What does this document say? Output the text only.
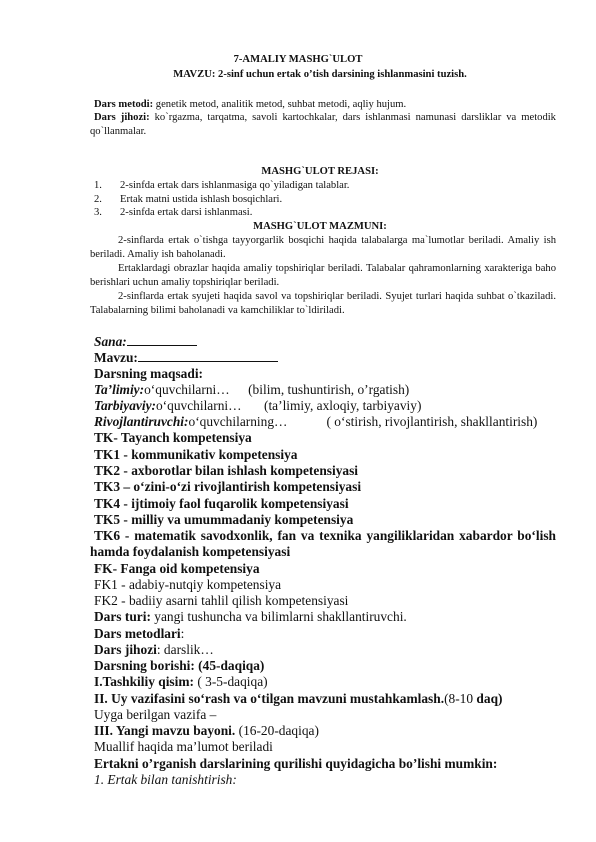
7-AMALIY MASHG`ULOT
MAVZU: 2-sinf uchun ertak o’tish darsining ishlanmasini tuzish.
Dars metodi: genetik metod, analitik metod, suhbat metodi, aqliy hujum.
Dars jihozi: ko`rgazma, tarqatma, savoli kartochkalar, dars ishlanmasi namunasi darsliklar va metodik qo`llanmalar.
MASHG`ULOT REJASI:
1.	2-sinfda ertak dars ishlanmasiga qo`yiladigan talablar.
2.	Ertak matni ustida ishlash bosqichlari.
3.	2-sinfda ertak darsi ishlanmasi.
MASHG`ULOT MAZMUNI:
2-sinflarda ertak o`tishga tayyorgarlik bosqichi haqida talabalarga ma`lumotlar beriladi. Amaliy ish beriladi. Amaliy ish baholanadi.
Ertaklardagi obrazlar haqida amaliy topshiriqlar beriladi. Talabalar qahramonlarning xarakteriga baho berishlari uchun amaliy topshiriqlar beriladi.
2-sinflarda ertak syujeti haqida savol va topshiriqlar beriladi. Syujet turlari haqida suhbat o`tkaziladi. Talabalarning bilimi baholanadi va kamchiliklar to`ldiriladi.
Sana:
Mavzu:
Darsning maqsadi:
Ta’limiy:o‘quvchilarni… (bilim, tushuntirish, o’rgatish)
Tarbiyaviy:o‘quvchilarni… (ta’limiy, axloqiy, tarbiyaviy)
Rivojlantiruvchi:o‘quvchilarning…	( o‘stirish, rivojlantirish, shakllantirish)
TK- Tayanch kompetensiya
TK1 - kommunikativ kompetensiya
TK2 - axborotlar bilan ishlash kompetensiyasi
TK3 – o‘zini-o‘zi rivojlantirish kompetensiyasi
TK4 - ijtimoiy faol fuqarolik kompetensiyasi
TK5 - milliy va umummadaniy kompetensiya
TK6 - matematik savodxonlik, fan va texnika yangiliklaridan xabardor bo‘lish hamda foydalanish kompetensiyasi
FK- Fanga oid kompetensiya
FK1 - adabiy-nutqiy kompetensiya
FK2 - badiiy asarni tahlil qilish kompetensiyasi
Dars turi: yangi tushuncha va bilimlarni shakllantiruvchi.
Dars metodlari:
Dars jihozi: darslik…
Darsning borishi: (45-daqiqa)
I.Tashkiliy qisim: ( 3-5-daqiqa)
II. Uy vazifasini so‘rash va o‘tilgan mavzuni mustahkamlash.(8-10 daq)
Uyga berilgan vazifa –
III. Yangi mavzu bayoni. (16-20-daqiqa)
Muallif haqida ma’lumot beriladi
Ertakni o’rganish darslarining qurilishi quyidagicha bo’lishi mumkin:
1. Ertak bilan tanishtirish:
